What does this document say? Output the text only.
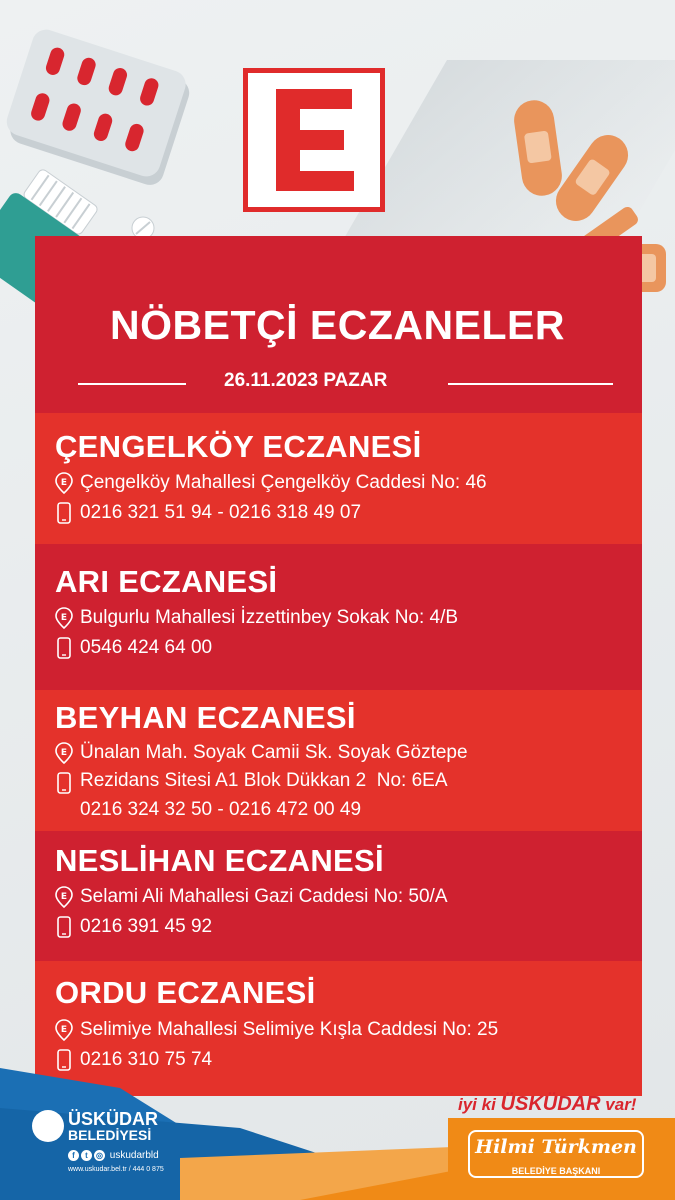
NÖBETÇİ ECZANELER
26.11.2023 PAZAR
ÇENGELKÖY ECZANESİ
E Çengelköy Mahallesi Çengelköy Caddesi No: 46
0216 321 51 94 - 0216 318 49 07
ARI ECZANESİ
E Bulgurlu Mahallesi İzzettinbey Sokak No: 4/B
0546 424 64 00
BEYHAN ECZANESİ
E Ünalan Mah. Soyak Camii Sk. Soyak Göztepe
Rezidans Sitesi A1 Blok Dükkan 2  No: 6EA
0216 324 32 50 - 0216 472 00 49
NESLİHAN ECZANESİ
E Selami Ali Mahallesi Gazi Caddesi No: 50/A
0216 391 45 92
ORDU ECZANESİ
E Selimiye Mahallesi Selimiye Kışla Caddesi No: 25
0216 310 75 74
iyi ki ÜSKÜDAR var!
Hilmi Türkmen
BELEDİYE BAŞKANI
ÜSKÜDAR
BELEDİYESİ
f t ◎ uskudarbld
www.uskudar.bel.tr / 444 0 875
